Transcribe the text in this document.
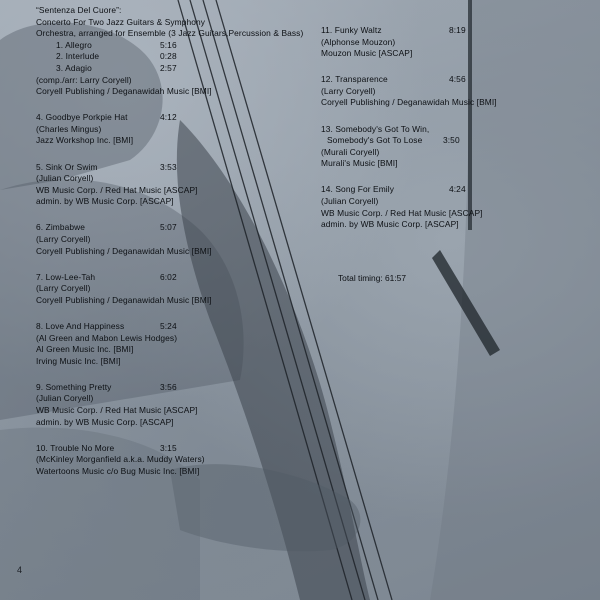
“Sentenza Del Cuore”:
Concerto For Two Jazz Guitars & Symphony
Orchestra, arranged for Ensemble (3 Jazz Guitars,Percussion & Bass)
1. Allegro	5:16
2. Interlude	0:28
3. Adagio	2:57
(comp./arr: Larry Coryell)
Coryell Publishing / Deganawidah Music [BMI]
4. Goodbye Porkpie Hat	4:12
(Charles Mingus)
Jazz Workshop Inc. [BMI]
5. Sink Or Swim	3:53
(Julian Coryell)
WB Music Corp. / Red Hat Music [ASCAP]
admin. by WB Music Corp. [ASCAP]
6. Zimbabwe	5:07
(Larry Coryell)
Coryell Publishing / Deganawidah Music [BMI]
7. Low-Lee-Tah	6:02
(Larry Coryell)
Coryell Publishing / Deganawidah Music [BMI]
8. Love And Happiness	5:24
(Al Green and Mabon Lewis Hodges)
Al Green Music Inc. [BMI]
Irving Music Inc. [BMI]
9. Something Pretty	3:56
(Julian Coryell)
WB Music Corp. / Red Hat Music [ASCAP]
admin. by WB Music Corp. [ASCAP]
10. Trouble No More	3:15
(McKinley Morganfield a.k.a. Muddy Waters)
Watertoons Music c/o Bug Music Inc. [BMI]
11. Funky Waltz	8:19
(Alphonse Mouzon)
Mouzon Music [ASCAP]
12. Transparence	4:56
(Larry Coryell)
Coryell Publishing / Deganawidah Music [BMI]
13. Somebody's Got To Win,
Somebody's Got To Lose 3:50
(Murali Coryell)
Murali's Music [BMI]
14. Song For Emily	4:24
(Julian Coryell)
WB Music Corp. / Red Hat Music [ASCAP]
admin. by WB Music Corp. [ASCAP]
Total timing: 61:57
4
